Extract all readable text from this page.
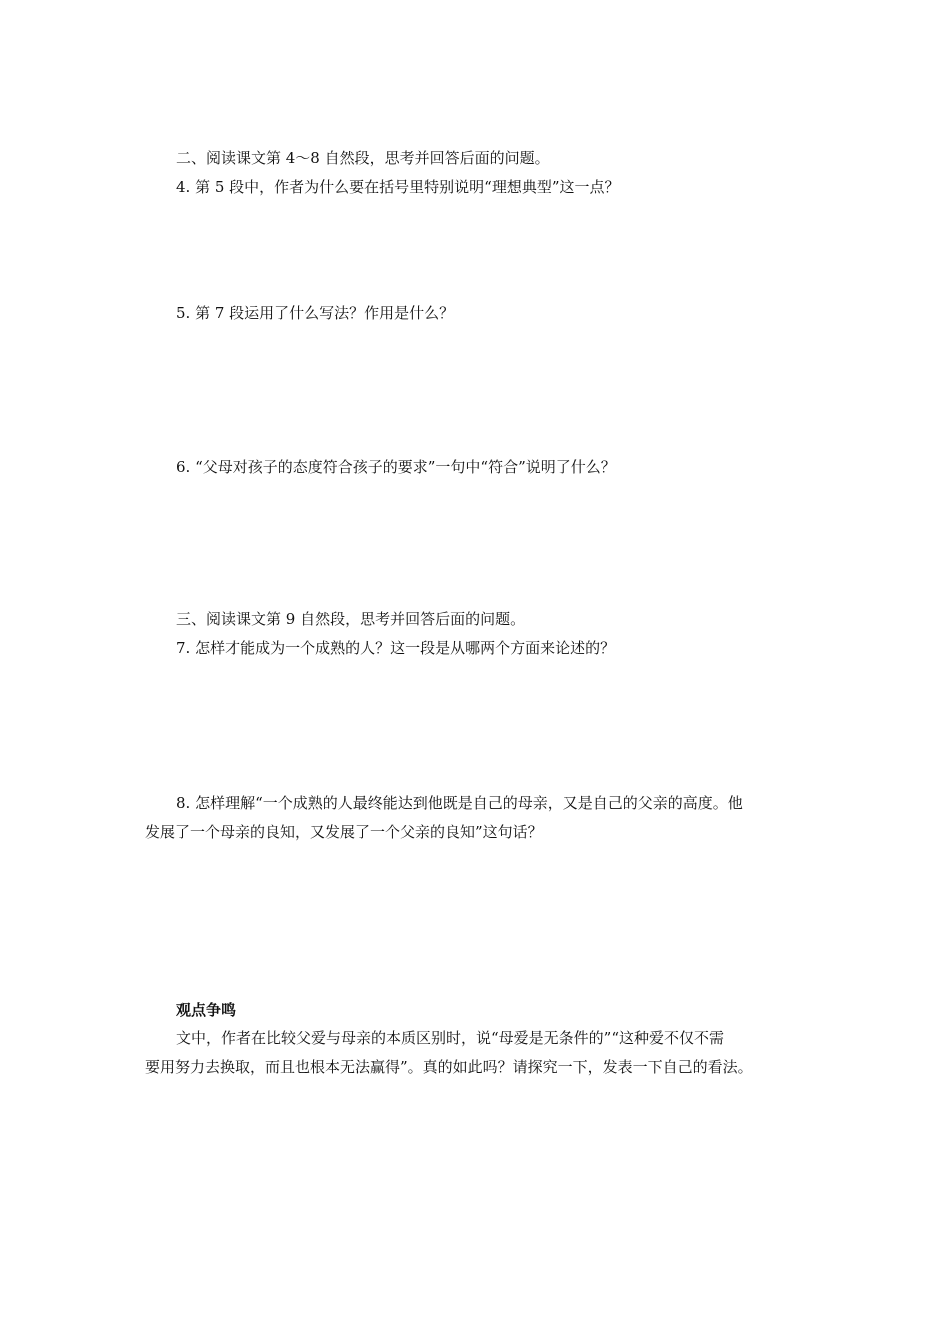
二、阅读课文第 4～8 自然段，思考并回答后面的问题。
4. 第 5 段中，作者为什么要在括号里特别说明“理想典型”这一点？
5. 第 7 段运用了什么写法？作用是什么？
6. “父母对孩子的态度符合孩子的要求”一句中“符合”说明了什么？
三、阅读课文第 9 自然段，思考并回答后面的问题。
7. 怎样才能成为一个成熟的人？这一段是从哪两个方面来论述的？
8. 怎样理解“一个成熟的人最终能达到他既是自己的母亲，又是自己的父亲的高度。他
发展了一个母亲的良知，又发展了一个父亲的良知”这句话？
观点争鸣
文中，作者在比较父爱与母亲的本质区别时，说“母爱是无条件的”“这种爱不仅不需
要用努力去换取，而且也根本无法赢得”。真的如此吗？请探究一下，发表一下自己的看法。
